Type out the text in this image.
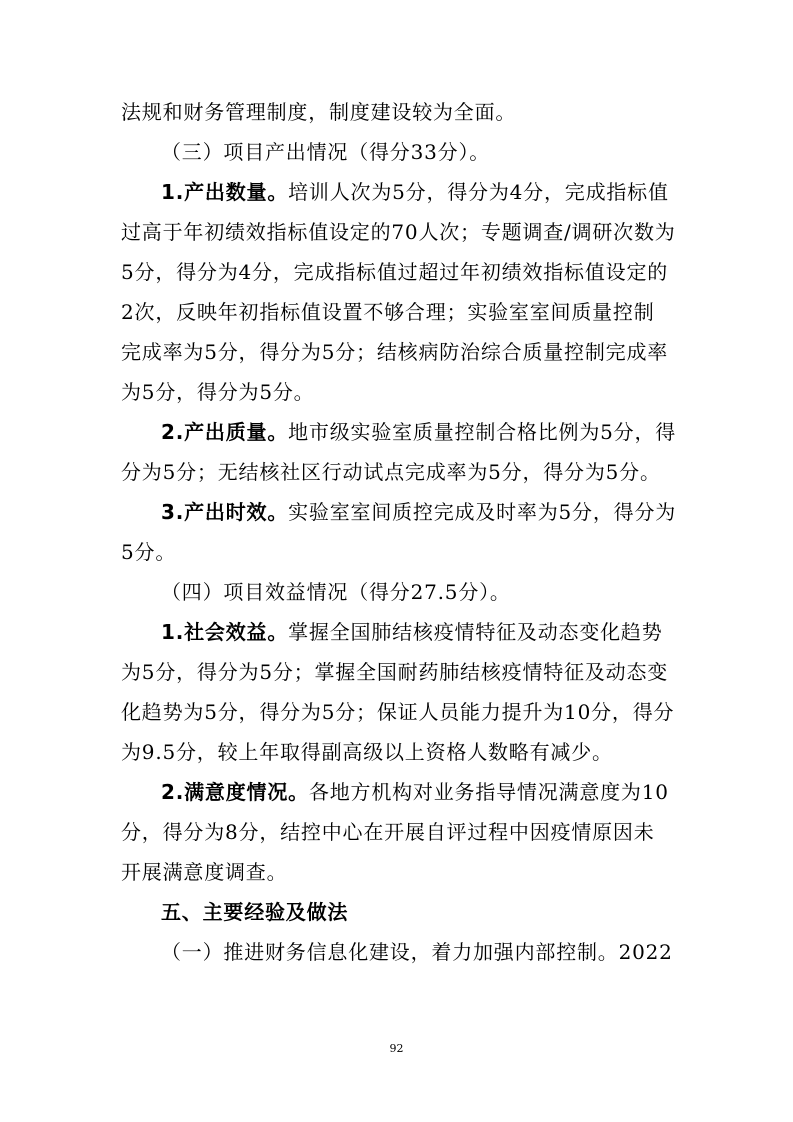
法规和财务管理制度，制度建设较为全面。

（三）项目产出情况（得分33分）。

1.产出数量。培训人次为5分，得分为4分，完成指标值

过高于年初绩效指标值设定的70人次；专题调查/调研次数为

5分，得分为4分，完成指标值过超过年初绩效指标值设定的

2次，反映年初指标值设置不够合理；实验室室间质量控制

完成率为5分，得分为5分；结核病防治综合质量控制完成率

为5分，得分为5分。

2.产出质量。地市级实验室质量控制合格比例为5分，得

分为5分；无结核社区行动试点完成率为5分，得分为5分。

3.产出时效。实验室室间质控完成及时率为5分，得分为

5分。

（四）项目效益情况（得分27.5分）。

1.社会效益。掌握全国肺结核疫情特征及动态变化趋势

为5分，得分为5分；掌握全国耐药肺结核疫情特征及动态变

化趋势为5分，得分为5分；保证人员能力提升为10分，得分

为9.5分，较上年取得副高级以上资格人数略有减少。

2.满意度情况。各地方机构对业务指导情况满意度为10

分，得分为8分，结控中心在开展自评过程中因疫情原因未

开展满意度调查。

五、主要经验及做法

（一）推进财务信息化建设，着力加强内部控制。2022

92
